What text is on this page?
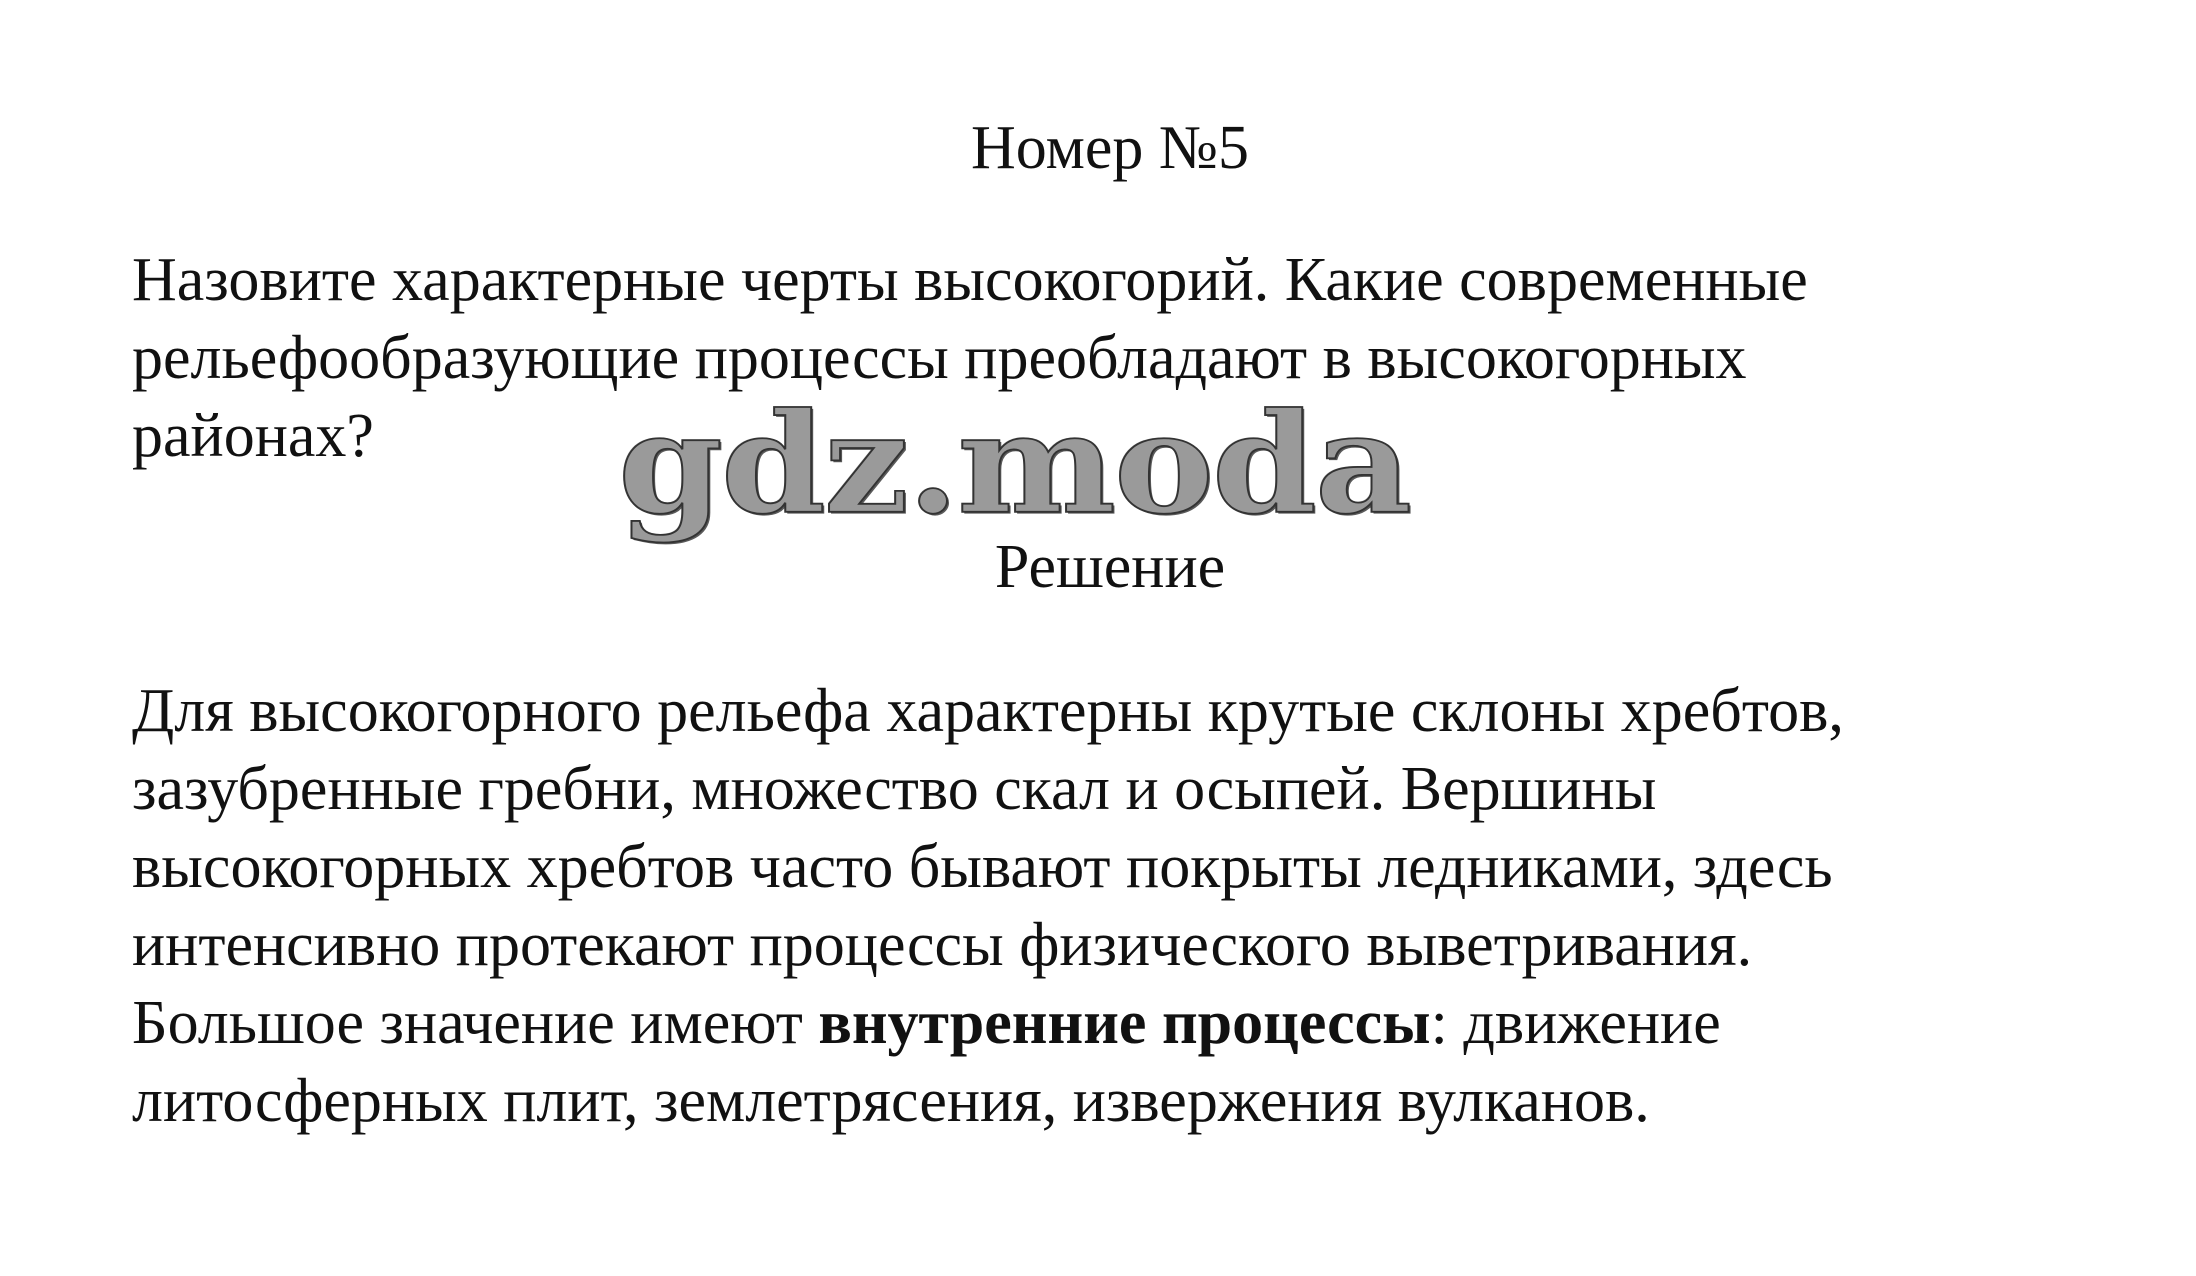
Номер №5
Назовите характерные черты высокогорий. Какие современные
рельефообразующие процессы преобладают в высокогорных
районах?	gdz.moda
Решение
Для высокогорного рельефа характерны крутые склоны хребтов,
зазубренные гребни, множество скал и осыпей. Вершины
высокогорных хребтов часто бывают покрыты ледниками, здесь
интенсивно протекают процессы физического выветривания.
Большое значение имеют внутренние процессы: движение
литосферных плит, землетрясения, извержения вулканов.
